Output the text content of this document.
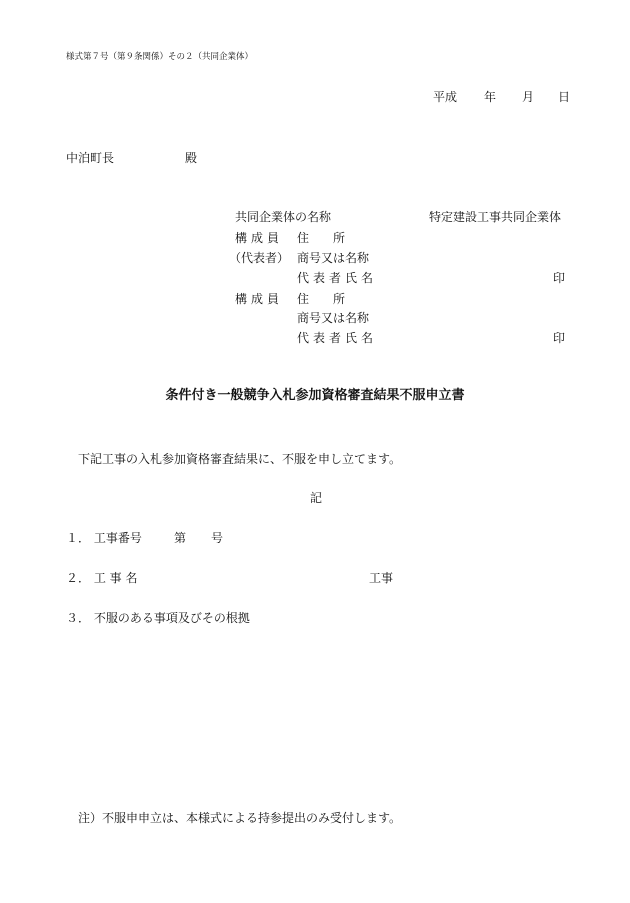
様式第７号（第９条関係）その２（共同企業体）
平成 年 月 日
中泊町長	殿
共同企業体の名称	特定建設工事共同企業体
構成員 住　　所
（代表者） 商号又は名称
代表者氏名	印
構成員 住　　所
商号又は名称
代表者氏名	印
条件付き一般競争入札参加資格審査結果不服申立書
下記工事の入札参加資格審査結果に、不服を申し立てます。
記
１． 工事番号	第 号
２． 工 事 名	工事
３． 不服のある事項及びその根拠
注）不服申申立は、本様式による持参提出のみ受付します。
